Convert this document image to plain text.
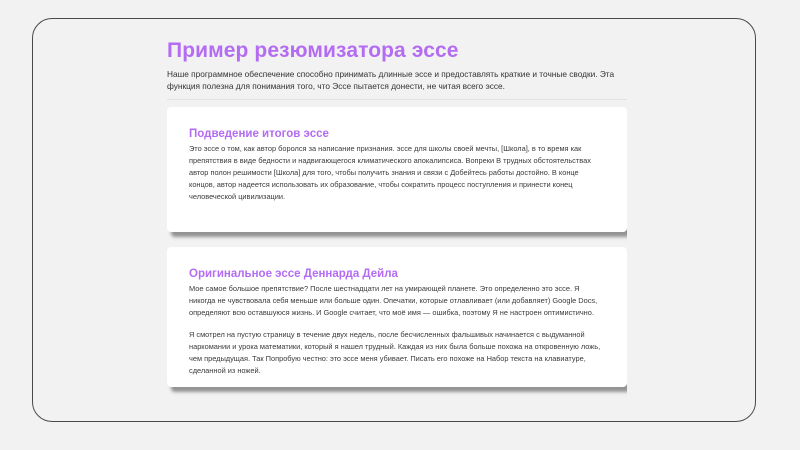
Пример резюмизатора эссе

Наше программное обеспечение способно принимать длинные эссе и предоставлять краткие и точные сводки. Эта функция полезна для понимания того, что Эссе пытается донести, не читая всего эссе.

Подведение итогов эссе

Это эссе о том, как автор боролся за написание признания. эссе для школы своей мечты, [Школа], в то время как препятствия в виде бедности и надвигающегося климатического апокалипсиса. Вопреки В трудных обстоятельствах автор полон решимости [Школа] для того, чтобы получить знания и связи с Добейтесь работы достойно. В конце концов, автор надеется использовать их образование, чтобы сократить процесс поступления и принести конец человеческой цивилизации.

Оригинальное эссе Деннарда Дейла

Мое самое большое препятствие? После шестнадцати лет на умирающей планете. Это определенно это эссе. Я никогда не чувствовала себя меньше или больше один. Опечатки, которые отлавливает (или добавляет) Google Docs, определяют всю оставшуюся жизнь. И Google считает, что моё имя — ошибка, поэтому Я не настроен оптимистично.

Я смотрел на пустую страницу в течение двух недель, после бесчисленных фальшивых начинается с выдуманной наркомании и урока математики, который я нашел трудный. Каждая из них была больше похожа на откровенную ложь, чем предыдущая. Так Попробую честно: это эссе меня убивает. Писать его похоже на Набор текста на клавиатуре, сделанной из ножей.
